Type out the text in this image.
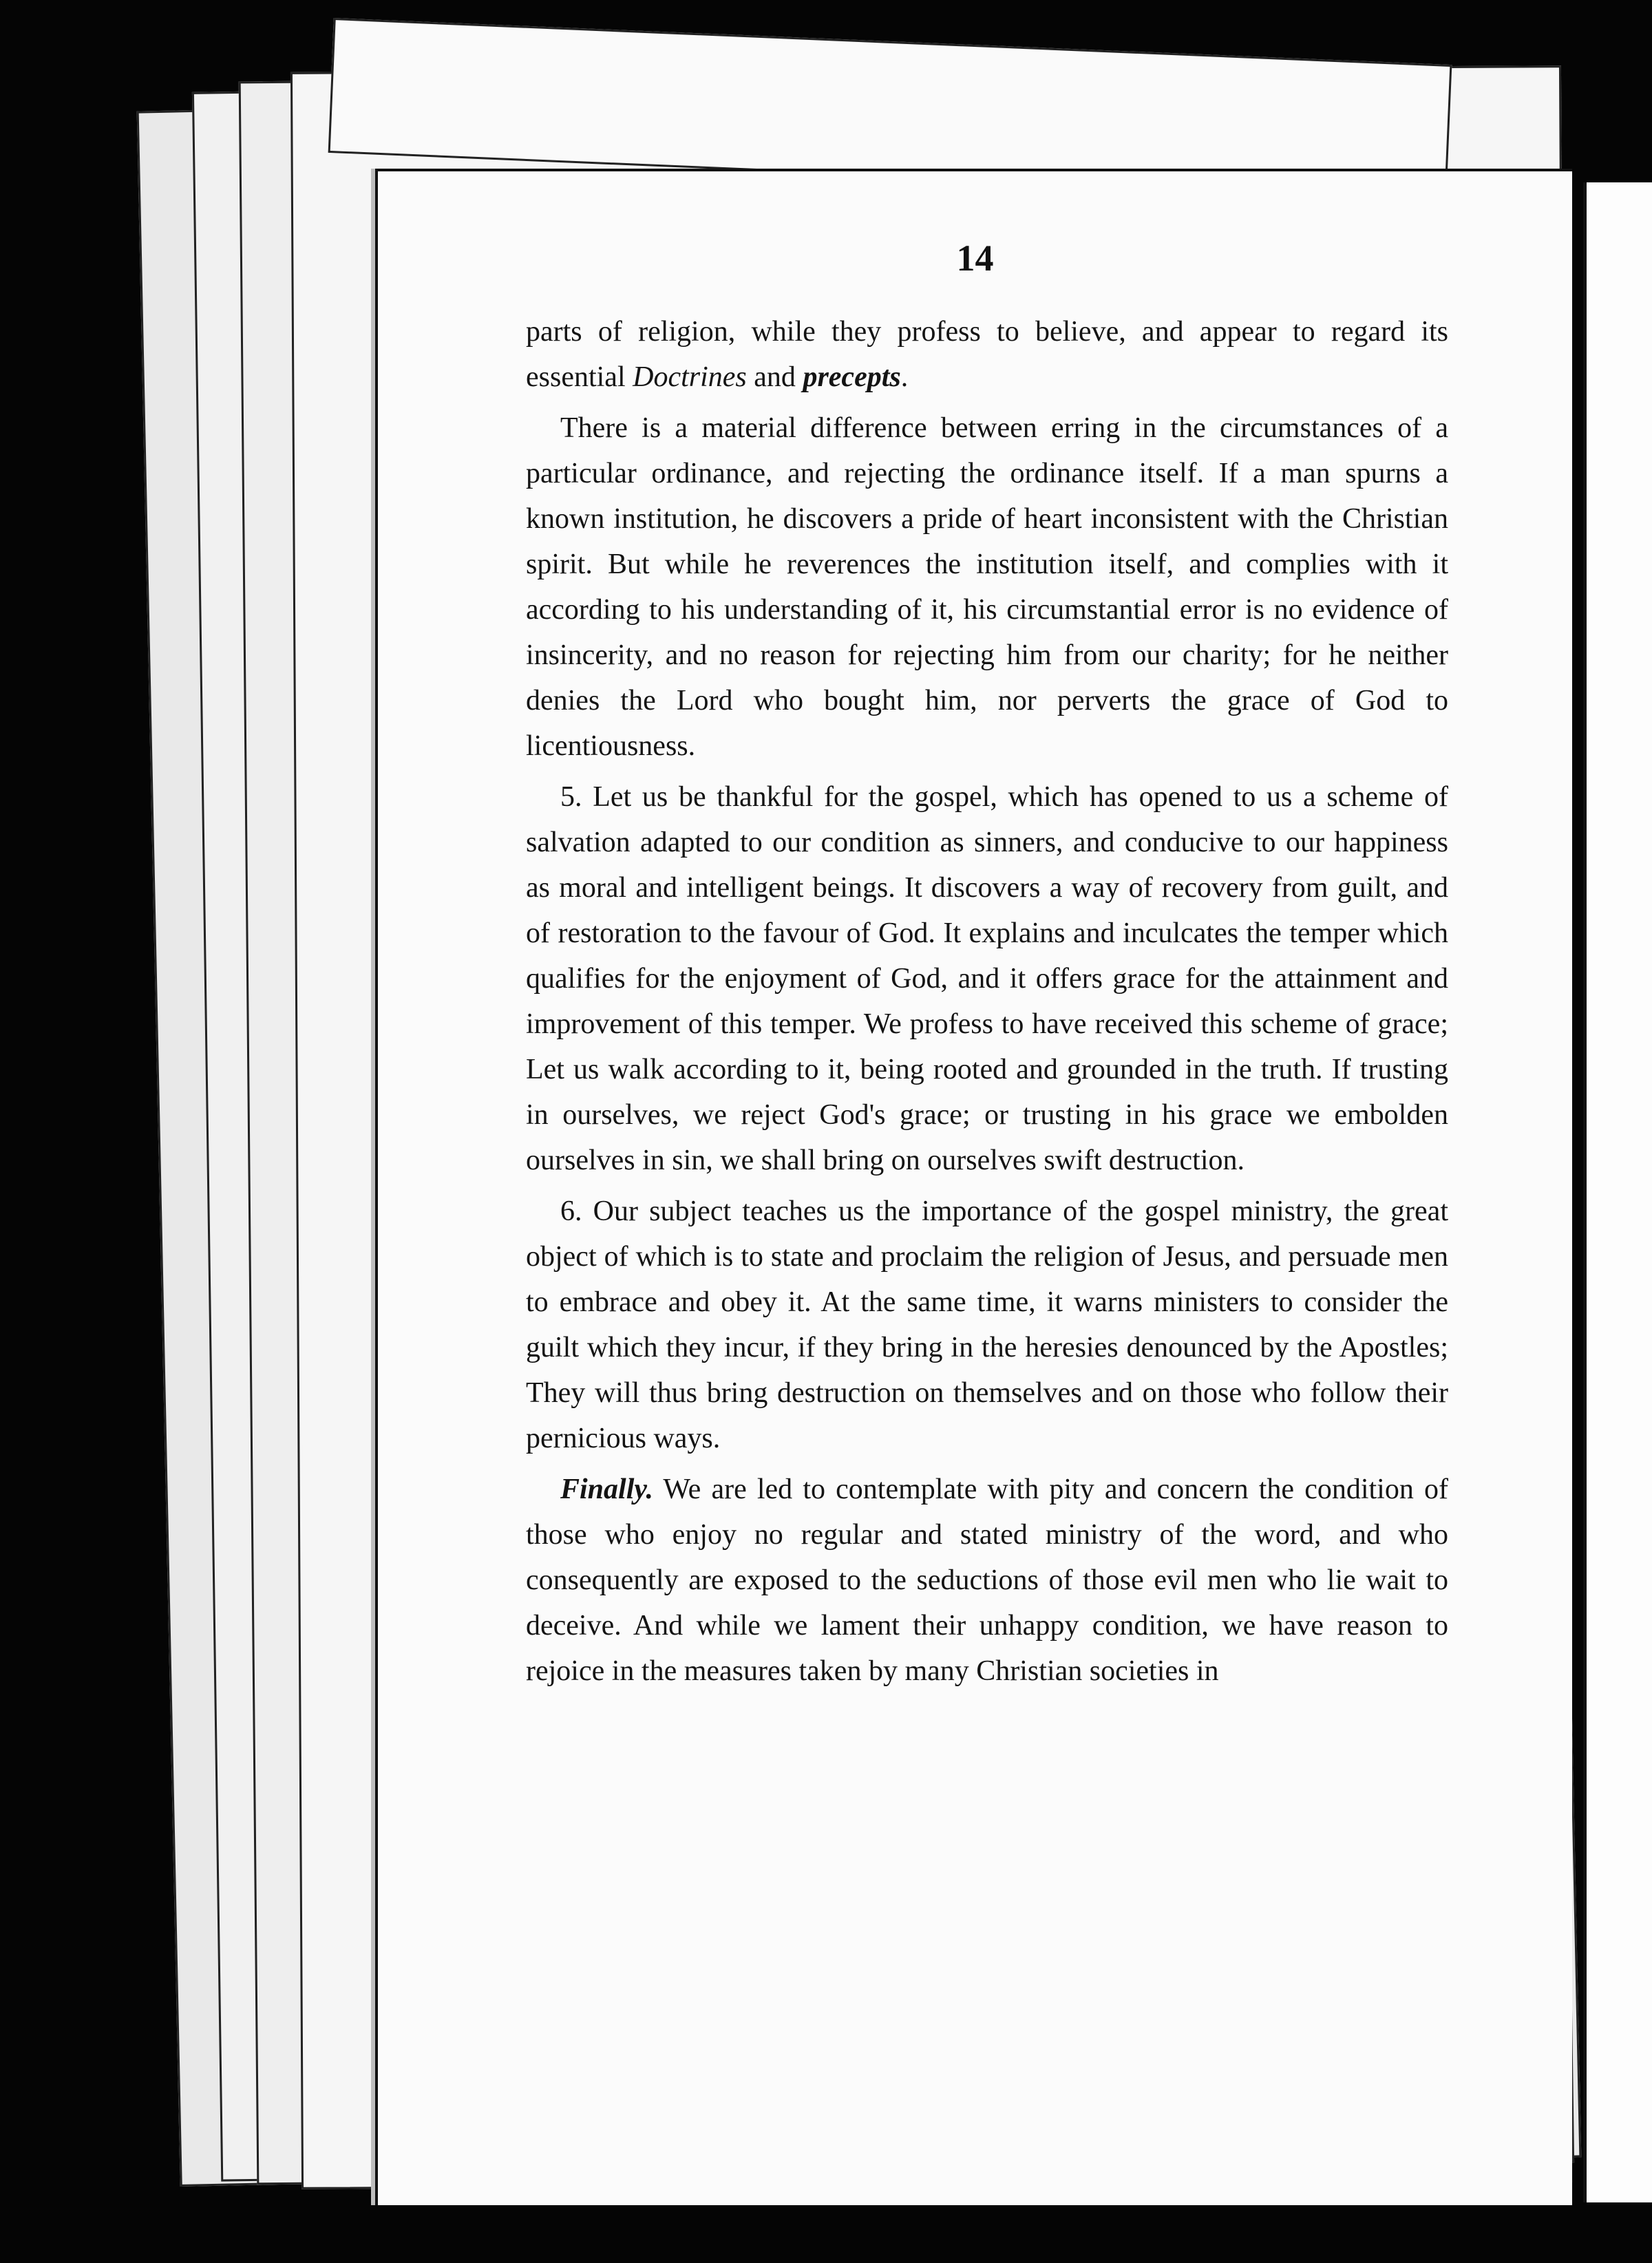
14

parts of religion, while they profess to believe, and appear to regard its essential Doctrines and precepts.

There is a material difference between erring in the circumstances of a particular ordinance, and rejecting the ordinance itself. If a man spurns a known institution, he discovers a pride of heart inconsistent with the Christian spirit. But while he reverences the institution itself, and complies with it according to his understanding of it, his circumstantial error is no evidence of insincerity, and no reason for rejecting him from our charity; for he neither denies the Lord who bought him, nor perverts the grace of God to licentiousness.

5. Let us be thankful for the gospel, which has opened to us a scheme of salvation adapted to our condition as sinners, and conducive to our happiness as moral and intelligent beings. It discovers a way of recovery from guilt, and of restoration to the favour of God. It explains and inculcates the temper which qualifies for the enjoyment of God, and it offers grace for the attainment and improvement of this temper. We profess to have received this scheme of grace; Let us walk according to it, being rooted and grounded in the truth. If trusting in ourselves, we reject God's grace; or trusting in his grace we embolden ourselves in sin, we shall bring on ourselves swift destruction.

6. Our subject teaches us the importance of the gospel ministry, the great object of which is to state and proclaim the religion of Jesus, and persuade men to embrace and obey it. At the same time, it warns ministers to consider the guilt which they incur, if they bring in the heresies denounced by the Apostles; They will thus bring destruction on themselves and on those who follow their pernicious ways.

Finally. We are led to contemplate with pity and concern the condition of those who enjoy no regular and stated ministry of the word, and who consequently are exposed to the seductions of those evil men who lie wait to deceive. And while we lament their unhappy condition, we have reason to rejoice in the measures taken by many Christian societies in
